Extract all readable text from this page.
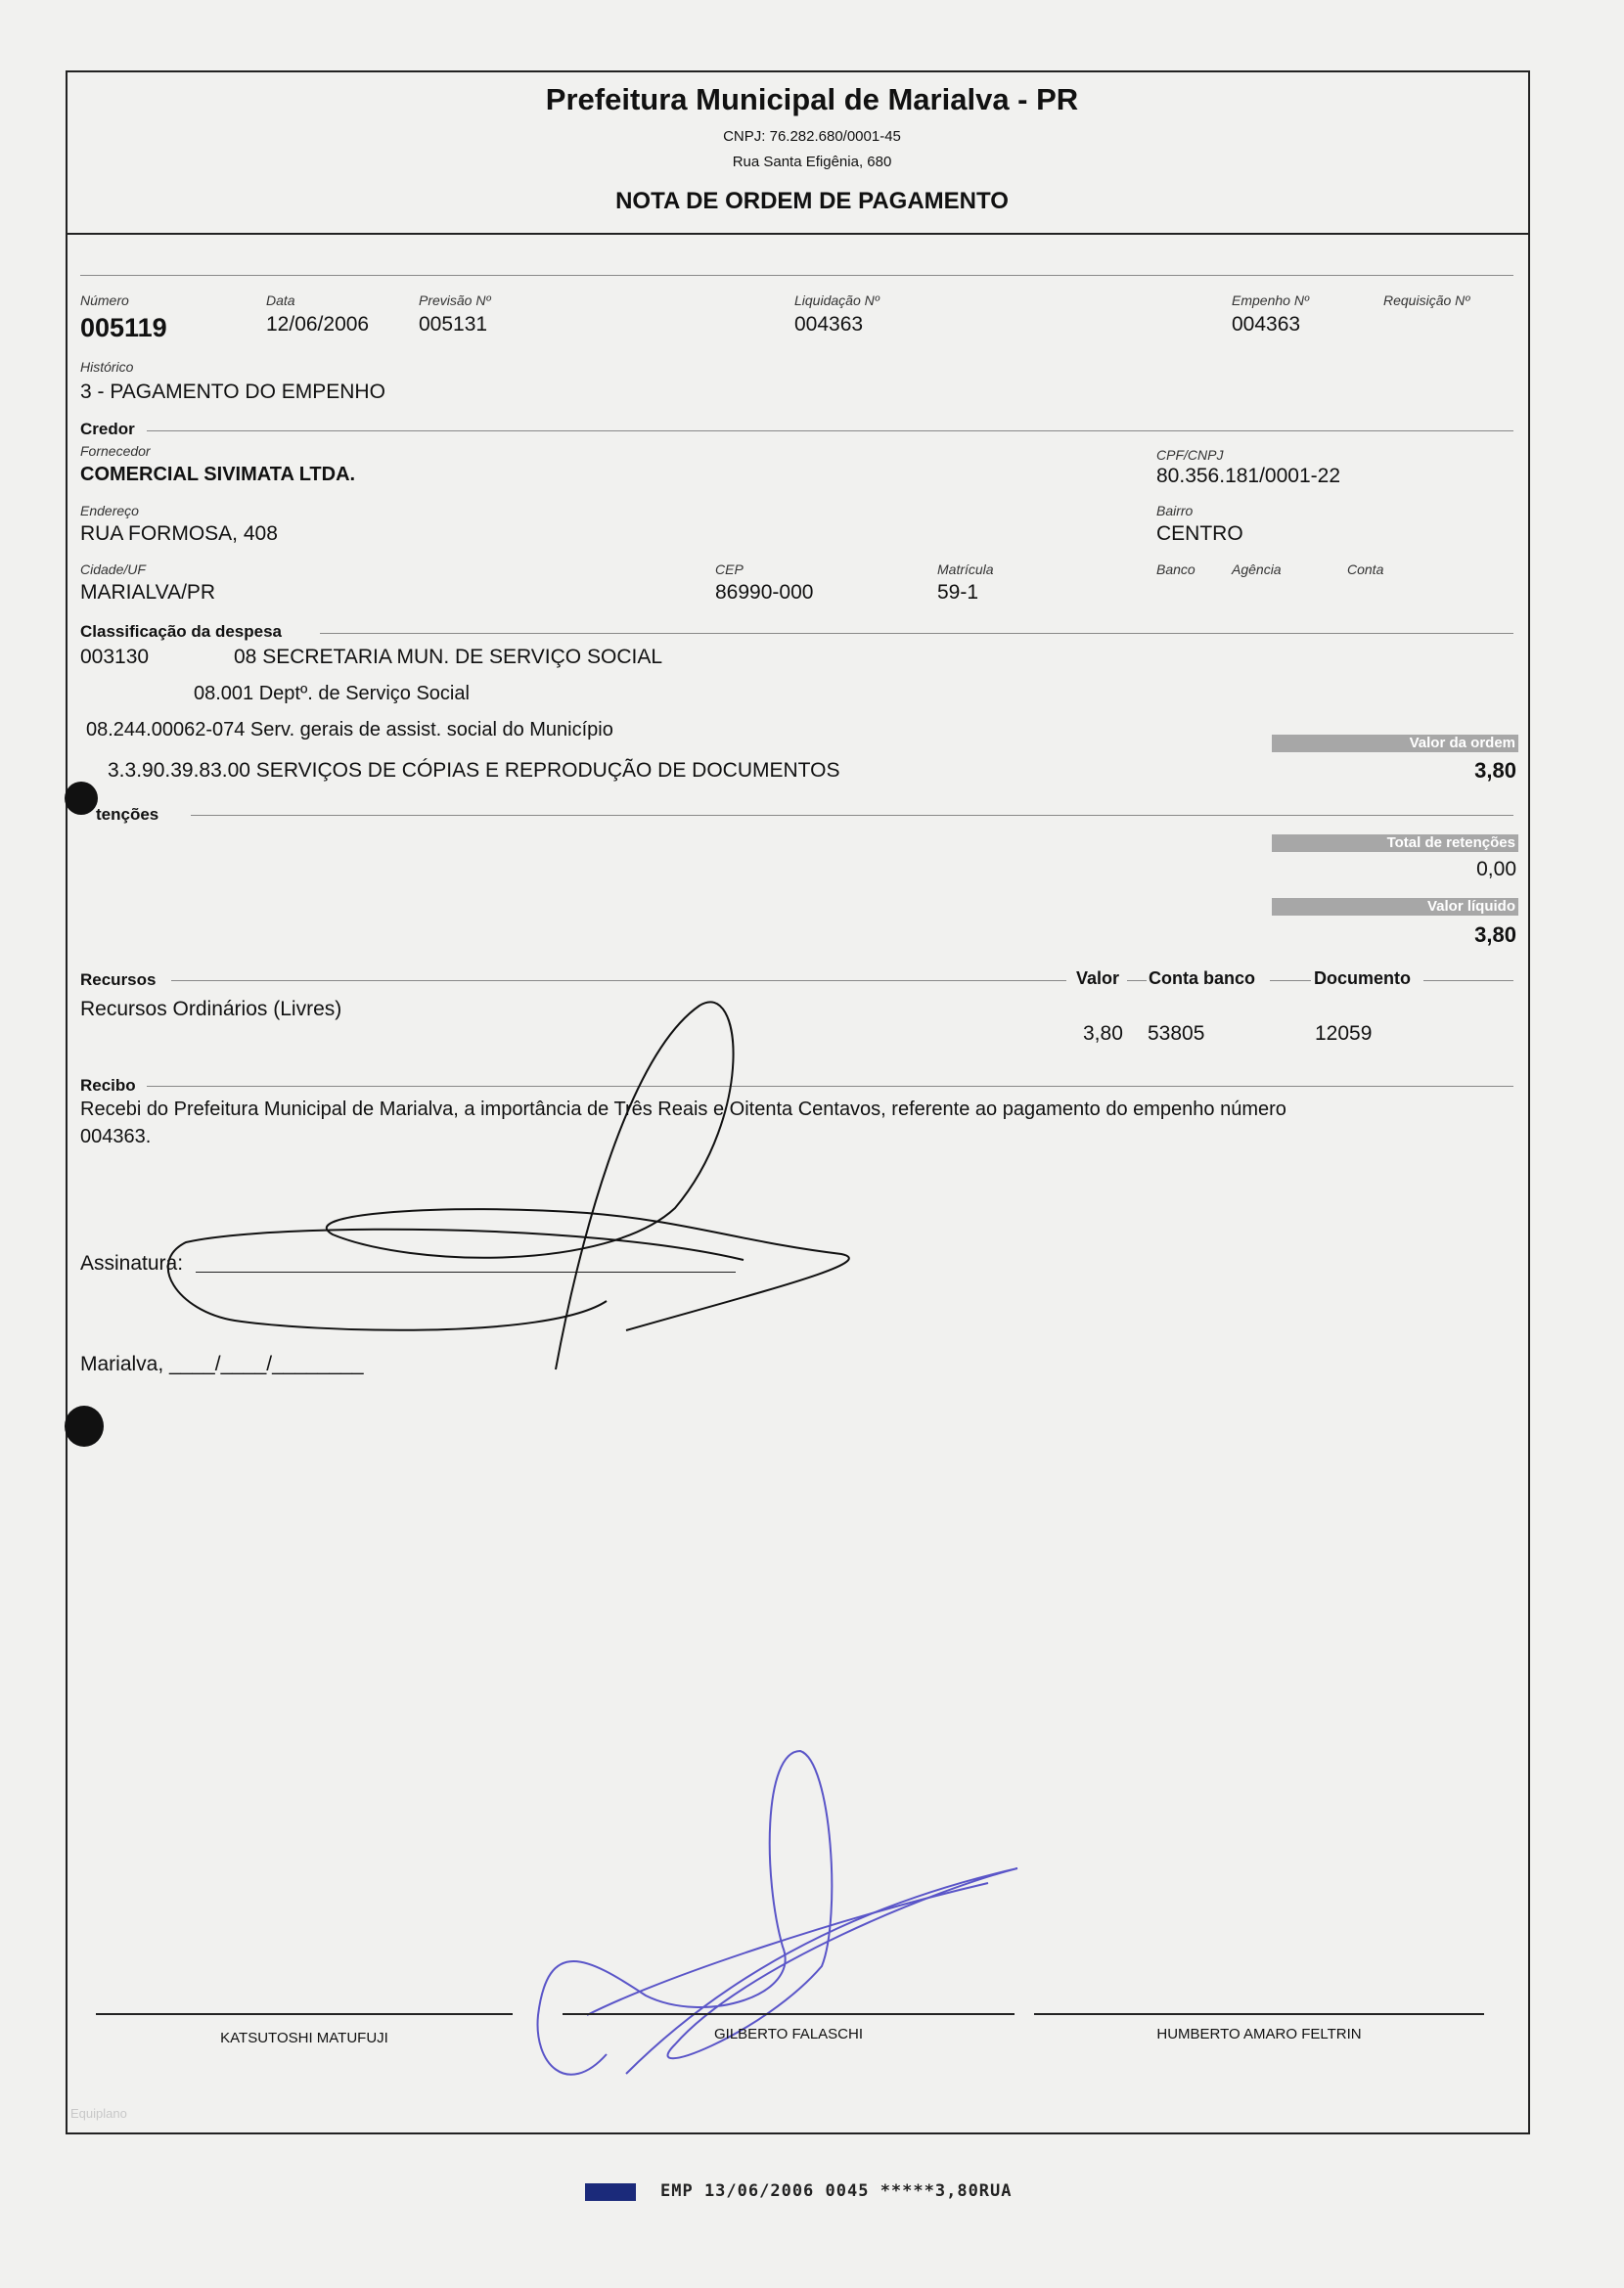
Prefeitura Municipal de Marialva - PR
CNPJ: 76.282.680/0001-45
Rua Santa Efigênia, 680
NOTA DE ORDEM DE PAGAMENTO
Número
005119
Data
12/06/2006
Previsão Nº
005131
Liquidação Nº
004363
Empenho Nº
004363
Requisição Nº
Histórico
3 - PAGAMENTO DO EMPENHO
Credor
Fornecedor
COMERCIAL SIVIMATA LTDA.
CPF/CNPJ
80.356.181/0001-22
Endereço
RUA FORMOSA, 408
Bairro
CENTRO
Cidade/UF
MARIALVA/PR
CEP
86990-000
Matrícula
59-1
Banco	Agência	Conta
Classificação da despesa
003130	08 SECRETARIA MUN. DE SERVIÇO SOCIAL
08.001 Deptº. de Serviço Social
08.244.00062-074 Serv. gerais de assist. social do Município
3.3.90.39.83.00 SERVIÇOS DE CÓPIAS E REPRODUÇÃO DE DOCUMENTOS
Valor da ordem
3,80
tenções
Total de retenções
0,00
Valor líquido
3,80
Recursos	Valor Conta banco	Documento
Recursos Ordinários (Livres)
3,80 53805	12059
Recibo
Recebi do Prefeitura Municipal de Marialva, a importância de Três Reais e Oitenta Centavos, referente ao pagamento do empenho número
004363.
Assinatura:
Marialva, ____/____/________
KATSUTOSHI MATUFUJI	GILBERTO FALASCHI	HUMBERTO AMARO FELTRIN
Equiplano
EMP 13/06/2006 0045 *****3,80RUA
